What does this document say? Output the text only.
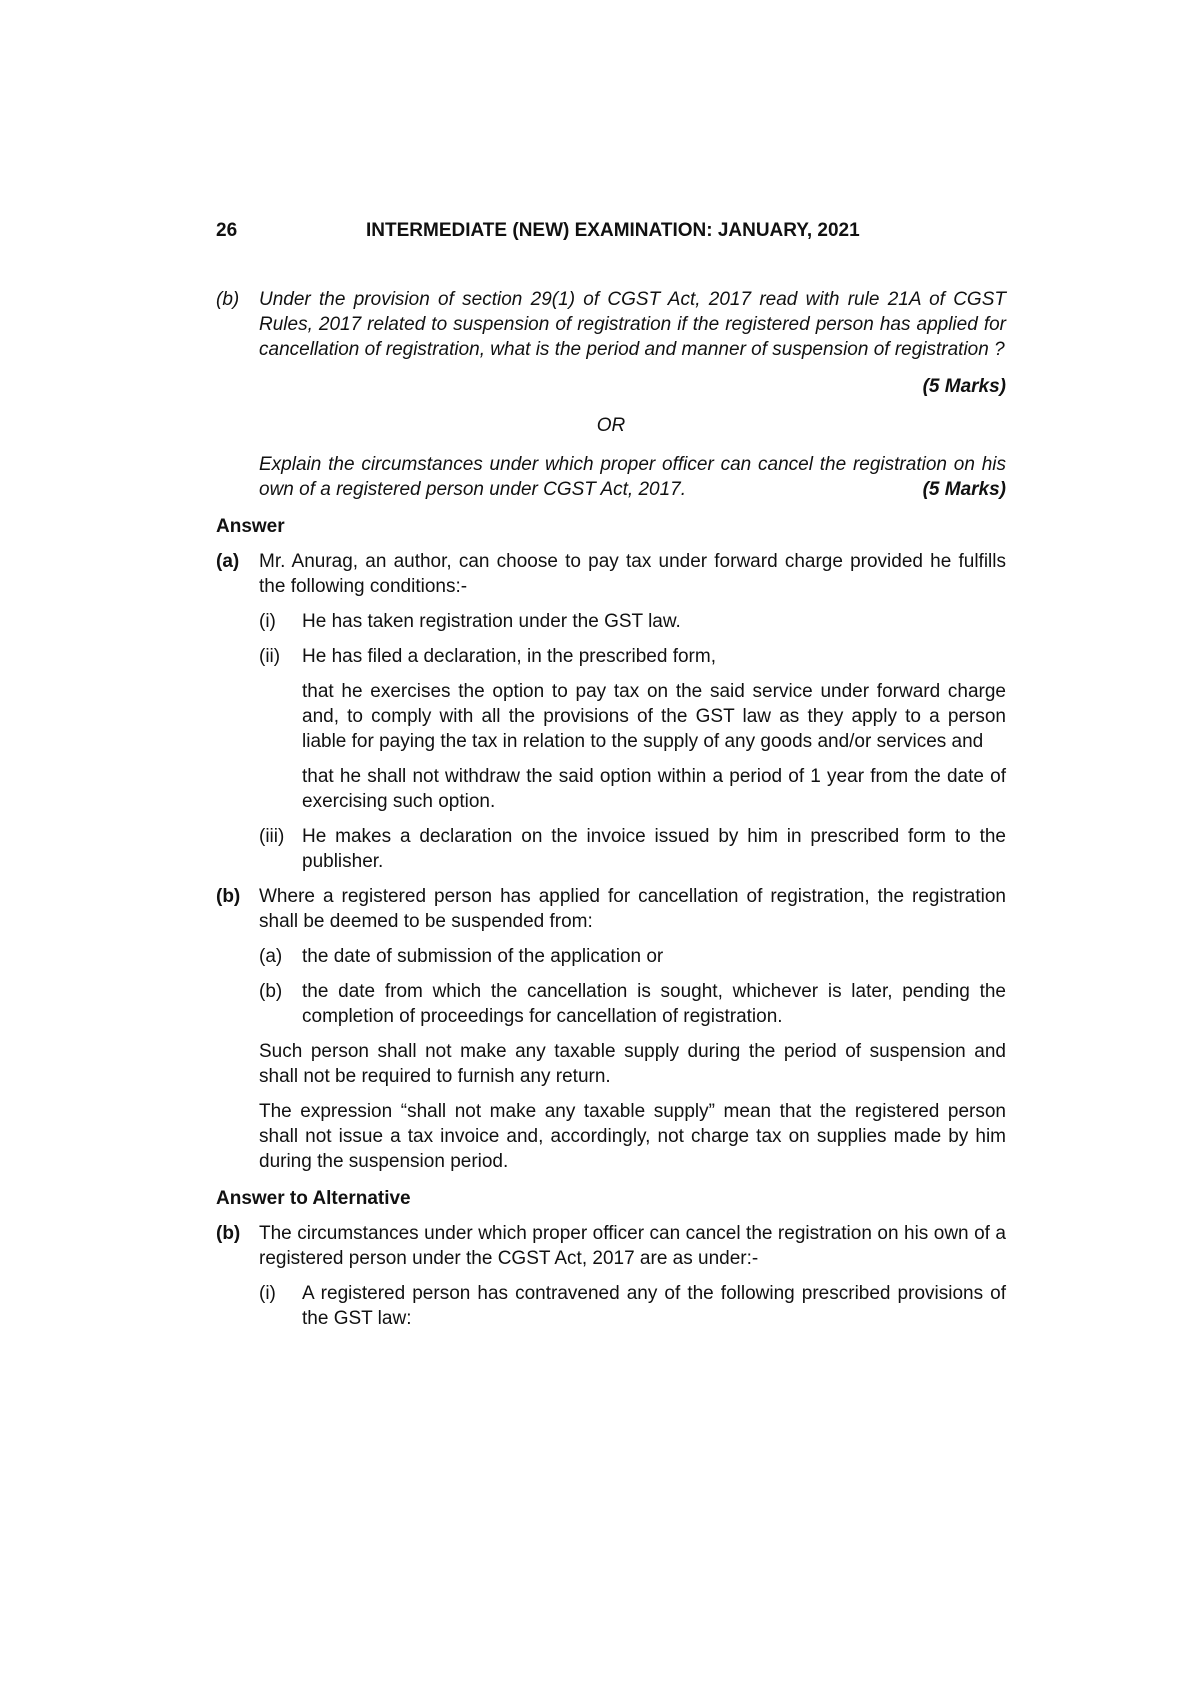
26	INTERMEDIATE (NEW) EXAMINATION: JANUARY, 2021
(b)	Under the provision of section 29(1) of CGST Act, 2017 read with rule 21A of CGST Rules, 2017 related to suspension of registration if the registered person has applied for cancellation of registration, what is the period and manner of suspension of registration ?

(5 Marks)

OR

Explain the circumstances under which proper officer can cancel the registration on his own of a registered person under CGST Act, 2017.	(5 Marks)

Answer

(a)	Mr. Anurag, an author, can choose to pay tax under forward charge provided he fulfills the following conditions:-
(i)	He has taken registration under the GST law.
(ii)	He has filed a declaration, in the prescribed form,

that he exercises the option to pay tax on the said service under forward charge and, to comply with all the provisions of the GST law as they apply to a person liable for paying the tax in relation to the supply of any goods and/or services and

that he shall not withdraw the said option within a period of 1 year from the date of exercising such option.

(iii) He makes a declaration on the invoice issued by him in prescribed form to the publisher.
(b) Where a registered person has applied for cancellation of registration, the registration shall be deemed to be suspended from:
(a)	the date of submission of the application or
(b)	the date from which the cancellation is sought, whichever is later, pending the completion of proceedings for cancellation of registration.

Such person shall not make any taxable supply during the period of suspension and shall not be required to furnish any return.

The expression “shall not make any taxable supply” mean that the registered person shall not issue a tax invoice and, accordingly, not charge tax on supplies made by him during the suspension period.

Answer to Alternative

(b) The circumstances under which proper officer can cancel the registration on his own of a registered person under the CGST Act, 2017 are as under:-
(i)	A registered person has contravened any of the following prescribed provisions of the GST law:
